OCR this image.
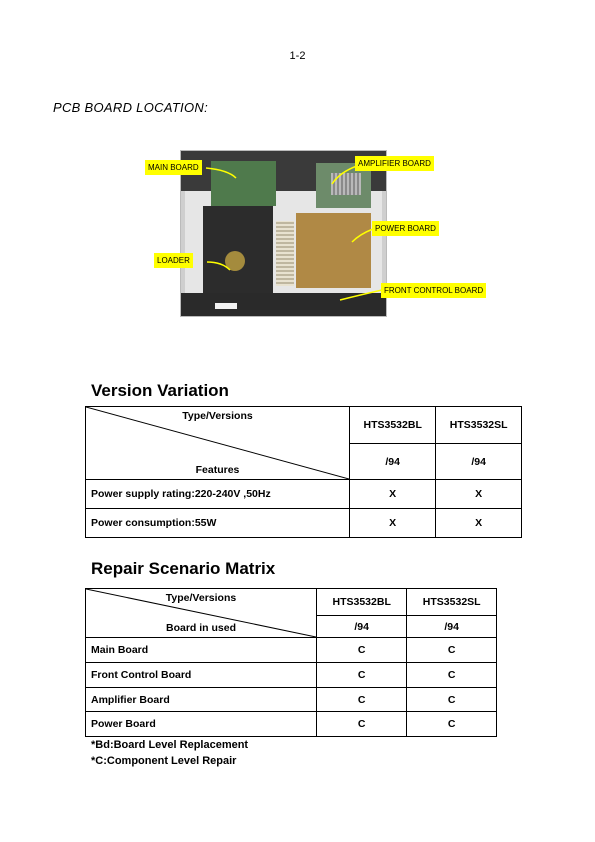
1-2
PCB BOARD LOCATION:
MAIN BOARD	AMPLIFIER BOARD
POWER BOARD
LOADER
FRONT CONTROL BOARD
Version Variation
Type/Versions
Features	HTS3532BL	HTS3532SL
	/94	/94
Power supply rating:220-240V ,50Hz	X	X
Power consumption:55W	X	X
Repair Scenario Matrix
Type/Versions
Board in used	HTS3532BL	HTS3532SL
	/94	/94
Main Board	C	C
Front Control Board	C	C
Amplifier Board	C	C
Power Board	C	C
*Bd:Board Level Replacement
*C:Component Level Repair
